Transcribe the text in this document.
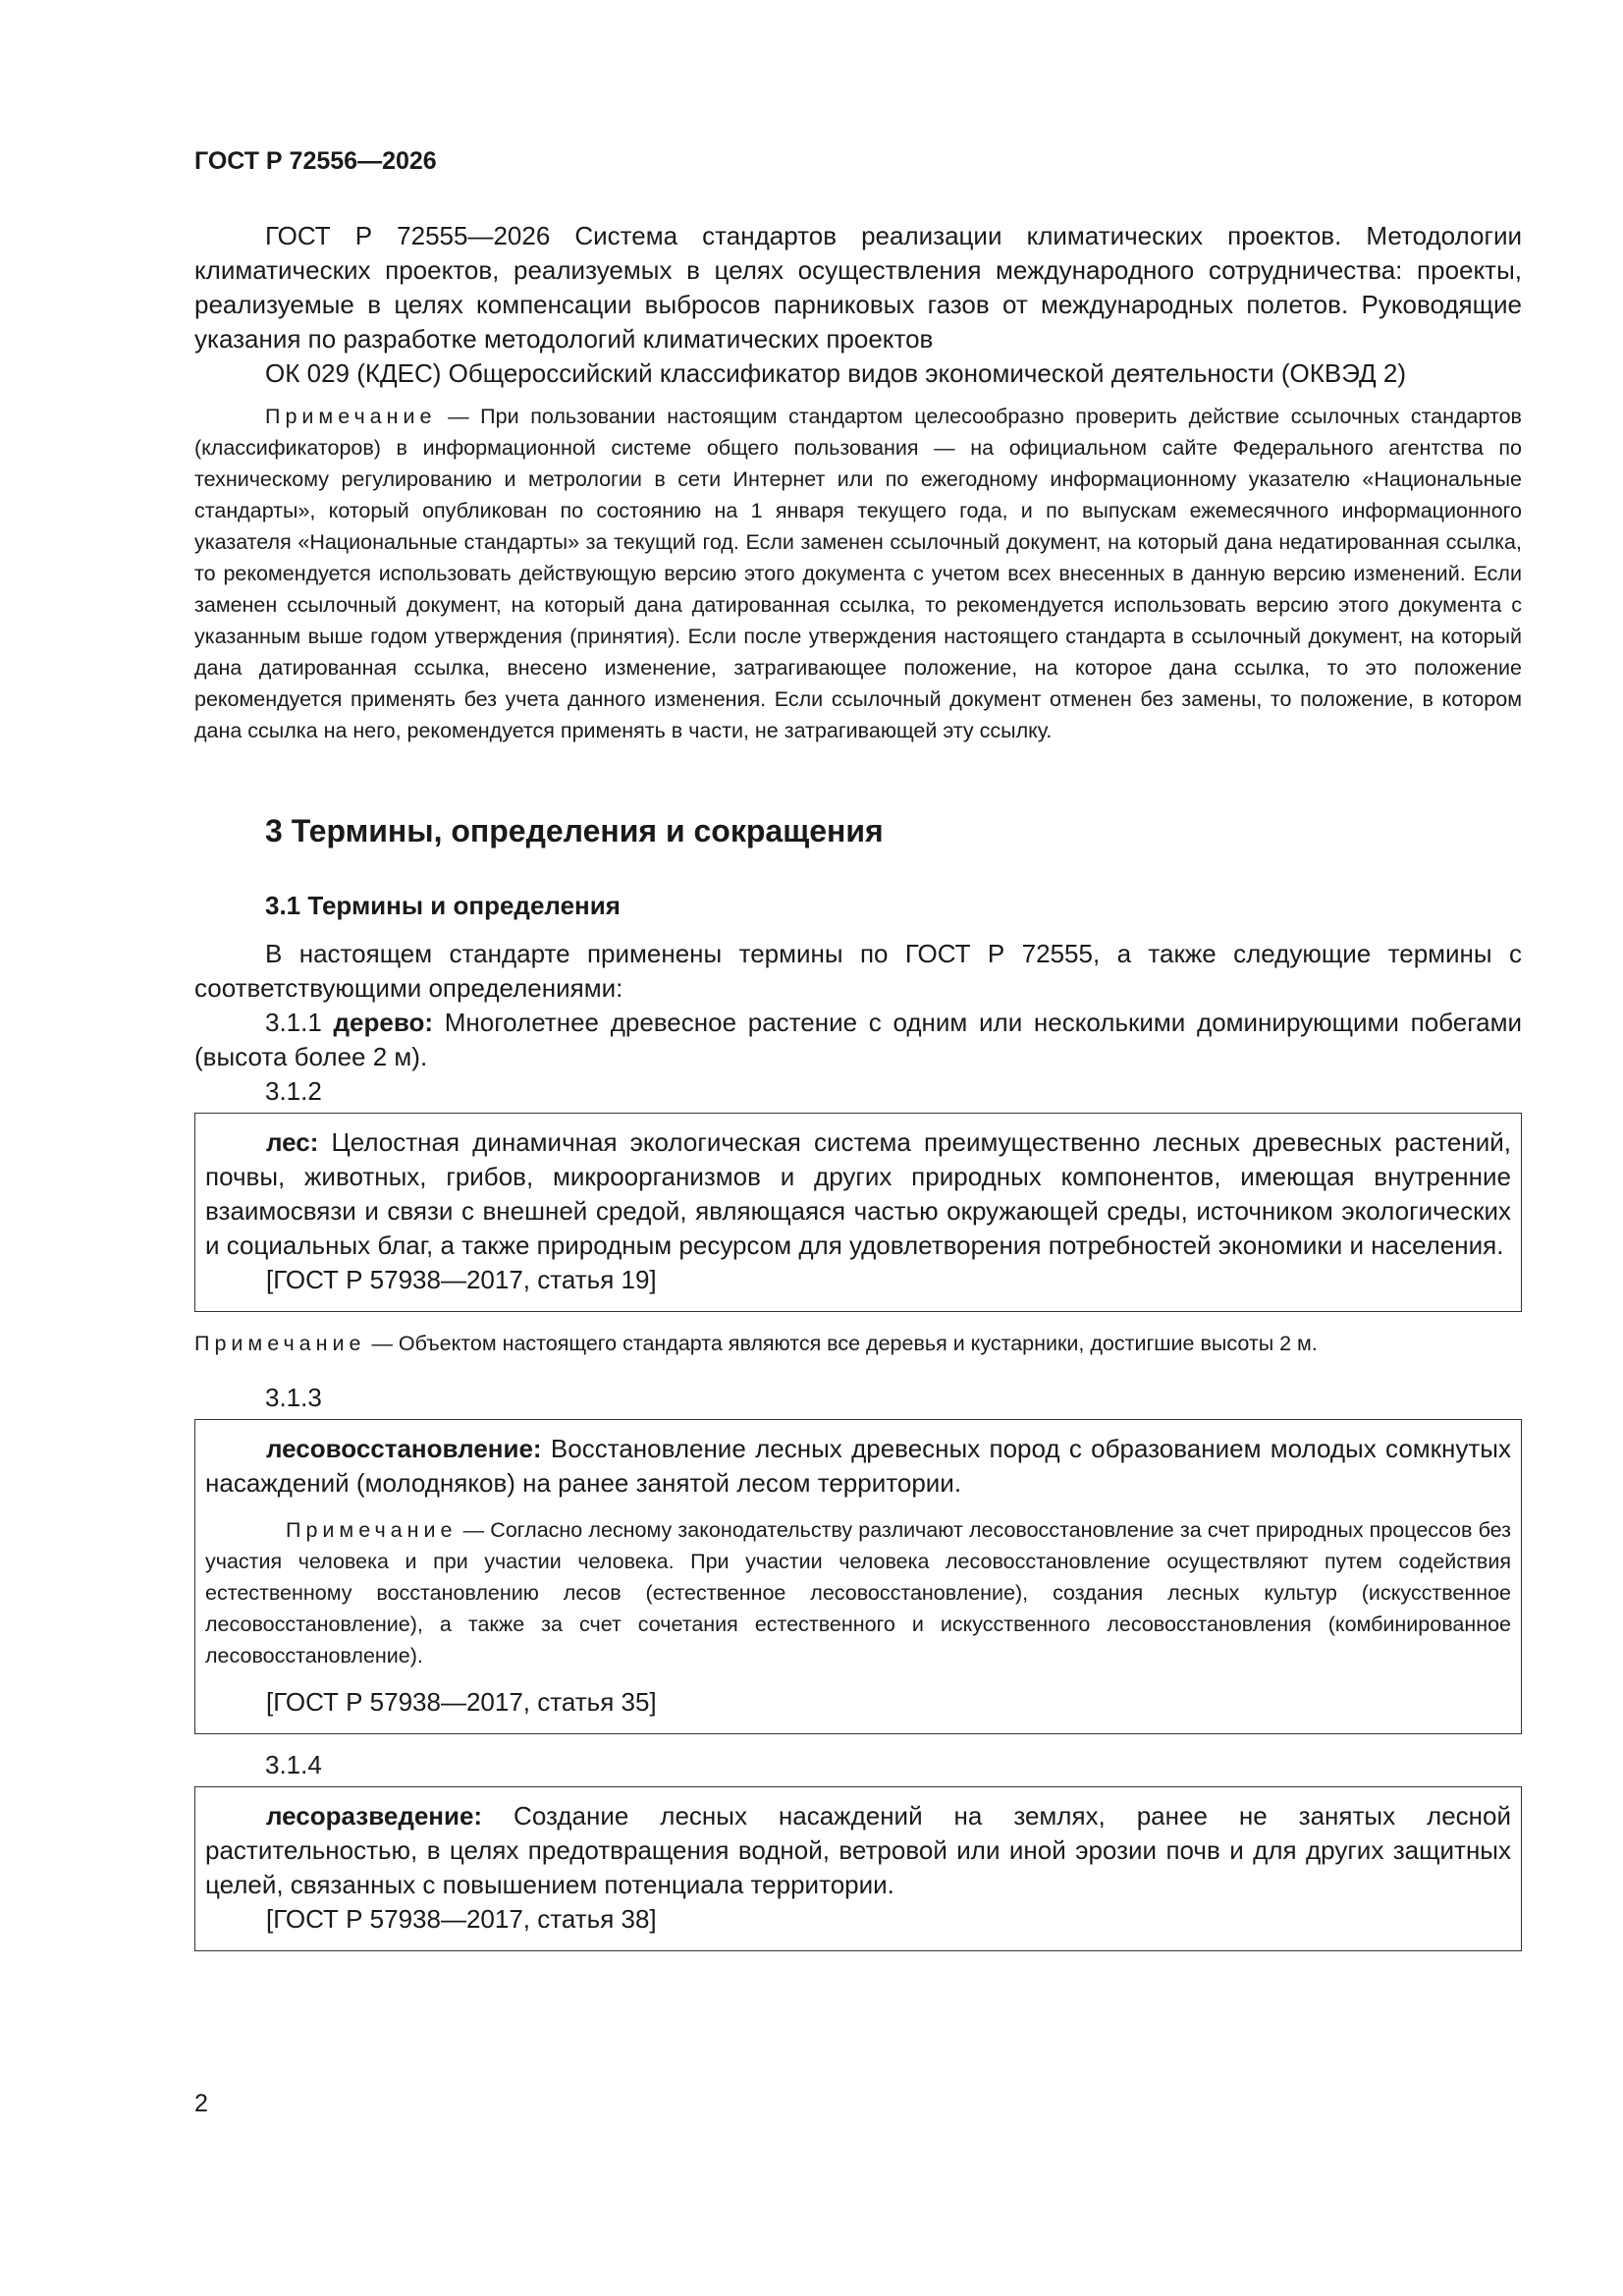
ГОСТ Р 72556—2026

ГОСТ Р 72555—2026 Система стандартов реализации климатических проектов. Методологии климатических проектов, реализуемых в целях осуществления международного сотрудничества: проекты, реализуемые в целях компенсации выбросов парниковых газов от международных полетов. Руководящие указания по разработке методологий климатических проектов

ОК 029 (КДЕС) Общероссийский классификатор видов экономической деятельности (ОКВЭД 2)

Примечание — При пользовании настоящим стандартом целесообразно проверить действие ссылочных стандартов (классификаторов) в информационной системе общего пользования — на официальном сайте Федерального агентства по техническому регулированию и метрологии в сети Интернет или по ежегодному информационному указателю «Национальные стандарты», который опубликован по состоянию на 1 января текущего года, и по выпускам ежемесячного информационного указателя «Национальные стандарты» за текущий год. Если заменен ссылочный документ, на который дана недатированная ссылка, то рекомендуется использовать действующую версию этого документа с учетом всех внесенных в данную версию изменений. Если заменен ссылочный документ, на который дана датированная ссылка, то рекомендуется использовать версию этого документа с указанным выше годом утверждения (принятия). Если после утверждения настоящего стандарта в ссылочный документ, на который дана датированная ссылка, внесено изменение, затрагивающее положение, на которое дана ссылка, то это положение рекомендуется применять без учета данного изменения. Если ссылочный документ отменен без замены, то положение, в котором дана ссылка на него, рекомендуется применять в части, не затрагивающей эту ссылку.

3 Термины, определения и сокращения
3.1 Термины и определения

В настоящем стандарте применены термины по ГОСТ Р 72555, а также следующие термины с соответствующими определениями:

3.1.1 дерево: Многолетнее древесное растение с одним или несколькими доминирующими побегами (высота более 2 м).

3.1.2

лес: Целостная динамичная экологическая система преимущественно лесных древесных растений, почвы, животных, грибов, микроорганизмов и других природных компонентов, имеющая внутренние взаимосвязи и связи с внешней средой, являющаяся частью окружающей среды, источником экологических и социальных благ, а также природным ресурсом для удовлетворения потребностей экономики и населения.

[ГОСТ Р 57938—2017, статья 19]

Примечание — Объектом настоящего стандарта являются все деревья и кустарники, достигшие высоты 2 м.

3.1.3

лесовосстановление: Восстановление лесных древесных пород с образованием молодых сомкнутых насаждений (молодняков) на ранее занятой лесом территории.

Примечание — Согласно лесному законодательству различают лесовосстановление за счет природных процессов без участия человека и при участии человека. При участии человека лесовосстановление осуществляют путем содействия естественному восстановлению лесов (естественное лесовосстановление), создания лесных культур (искусственное лесовосстановление), а также за счет сочетания естественного и искусственного лесовосстановления (комбинированное лесовосстановление).

[ГОСТ Р 57938—2017, статья 35]
3.1.4

лесоразведение: Создание лесных насаждений на землях, ранее не занятых лесной растительностью, в целях предотвращения водной, ветровой или иной эрозии почв и для других защитных целей, связанных с повышением потенциала территории.

[ГОСТ Р 57938—2017, статья 38]
2
